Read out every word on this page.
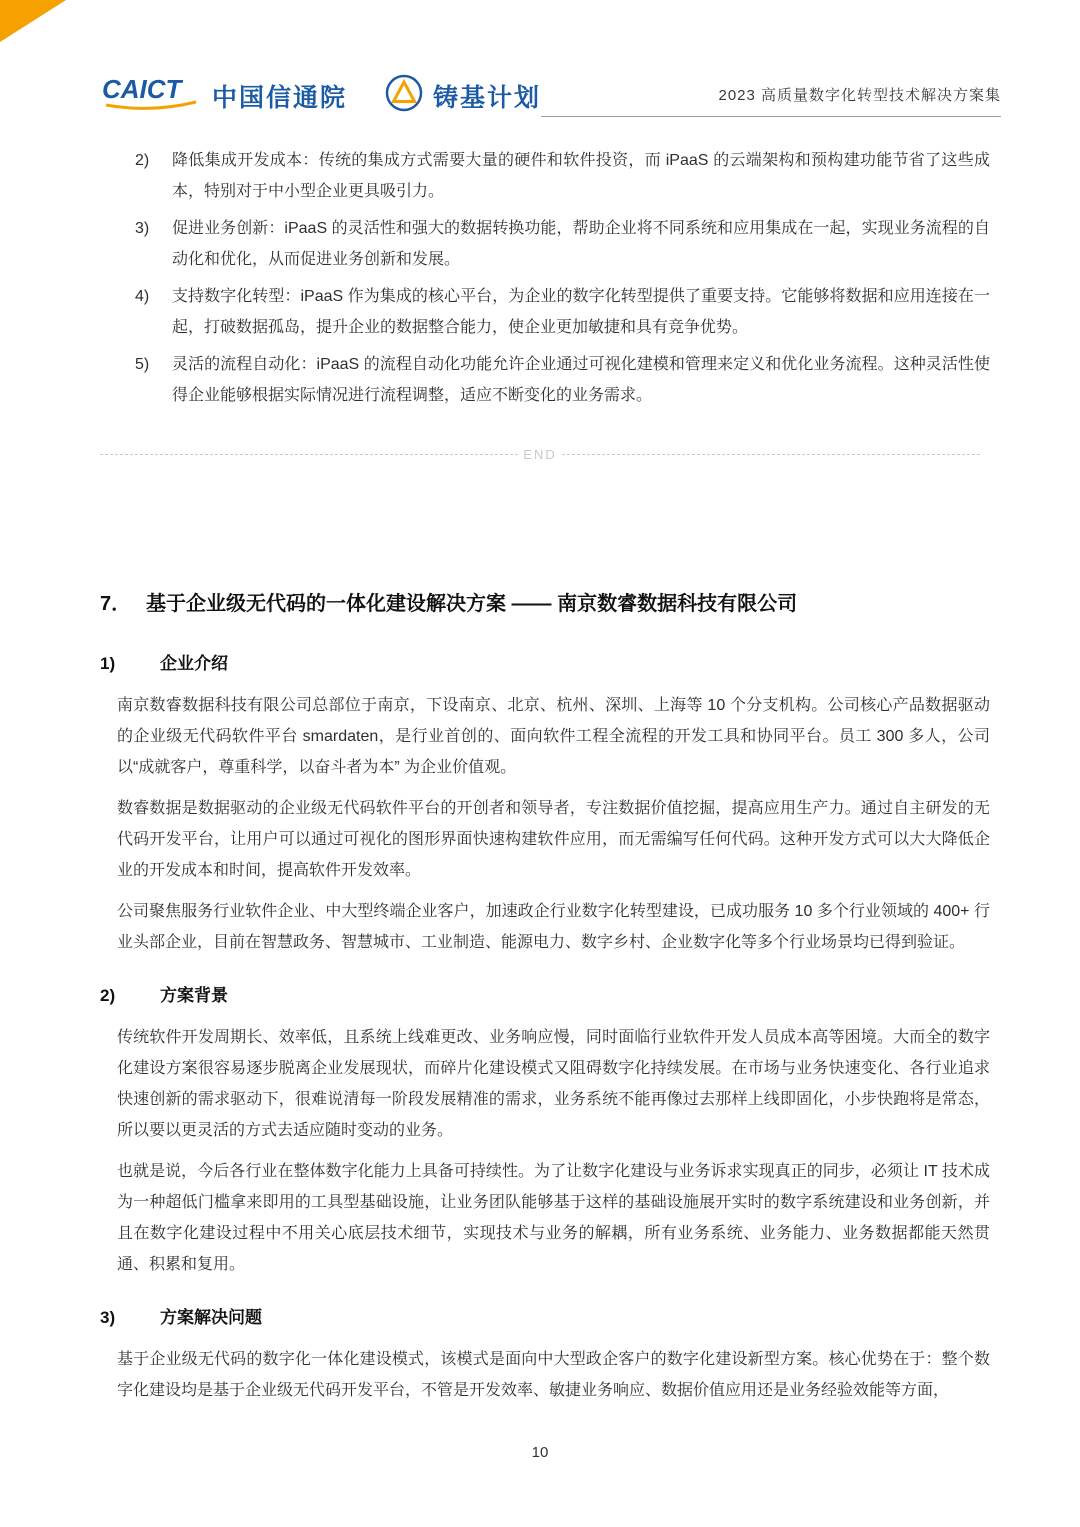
CAICT 中国信通院	铸基计划	2023 高质量数字化转型技术解决方案集
2)	降低集成开发成本：传统的集成方式需要大量的硬件和软件投资，而 iPaaS 的云端架构和预构建功能节省了这些成本，特别对于中小型企业更具吸引力。
3)	促进业务创新：iPaaS 的灵活性和强大的数据转换功能，帮助企业将不同系统和应用集成在一起，实现业务流程的自动化和优化，从而促进业务创新和发展。
4)	支持数字化转型：iPaaS 作为集成的核心平台，为企业的数字化转型提供了重要支持。它能够将数据和应用连接在一起，打破数据孤岛，提升企业的数据整合能力，使企业更加敏捷和具有竞争优势。
5)	灵活的流程自动化：iPaaS 的流程自动化功能允许企业通过可视化建模和管理来定义和优化业务流程。这种灵活性使得企业能够根据实际情况进行流程调整，适应不断变化的业务需求。
END
7． 基于企业级无代码的一体化建设解决方案 —— 南京数睿数据科技有限公司
1)	企业介绍

南京数睿数据科技有限公司总部位于南京，下设南京、北京、杭州、深圳、上海等 10 个分支机构。公司核心产品数据驱动的企业级无代码软件平台 smardaten，是行业首创的、面向软件工程全流程的开发工具和协同平台。员工 300 多人，公司以“成就客户，尊重科学，以奋斗者为本” 为企业价值观。

数睿数据是数据驱动的企业级无代码软件平台的开创者和领导者，专注数据价值挖掘，提高应用生产力。通过自主研发的无代码开发平台，让用户可以通过可视化的图形界面快速构建软件应用，而无需编写任何代码。这种开发方式可以大大降低企业的开发成本和时间，提高软件开发效率。

公司聚焦服务行业软件企业、中大型终端企业客户，加速政企行业数字化转型建设，已成功服务 10 多个行业领域的 400+ 行业头部企业，目前在智慧政务、智慧城市、工业制造、能源电力、数字乡村、企业数字化等多个行业场景均已得到验证。

2)	方案背景

传统软件开发周期长、效率低，且系统上线难更改、业务响应慢，同时面临行业软件开发人员成本高等困境。大而全的数字化建设方案很容易逐步脱离企业发展现状，而碎片化建设模式又阻碍数字化持续发展。在市场与业务快速变化、各行业追求快速创新的需求驱动下，很难说清每一阶段发展精准的需求，业务系统不能再像过去那样上线即固化，小步快跑将是常态，所以要以更灵活的方式去适应随时变动的业务。

也就是说，今后各行业在整体数字化能力上具备可持续性。为了让数字化建设与业务诉求实现真正的同步，必须让 IT 技术成为一种超低门槛拿来即用的工具型基础设施，让业务团队能够基于这样的基础设施展开实时的数字系统建设和业务创新，并且在数字化建设过程中不用关心底层技术细节，实现技术与业务的解耦，所有业务系统、业务能力、业务数据都能天然贯通、积累和复用。

3)	方案解决问题

基于企业级无代码的数字化一体化建设模式，该模式是面向中大型政企客户的数字化建设新型方案。核心优势在于：整个数字化建设均是基于企业级无代码开发平台，不管是开发效率、敏捷业务响应、数据价值应用还是业务经验效能等方面，

10
